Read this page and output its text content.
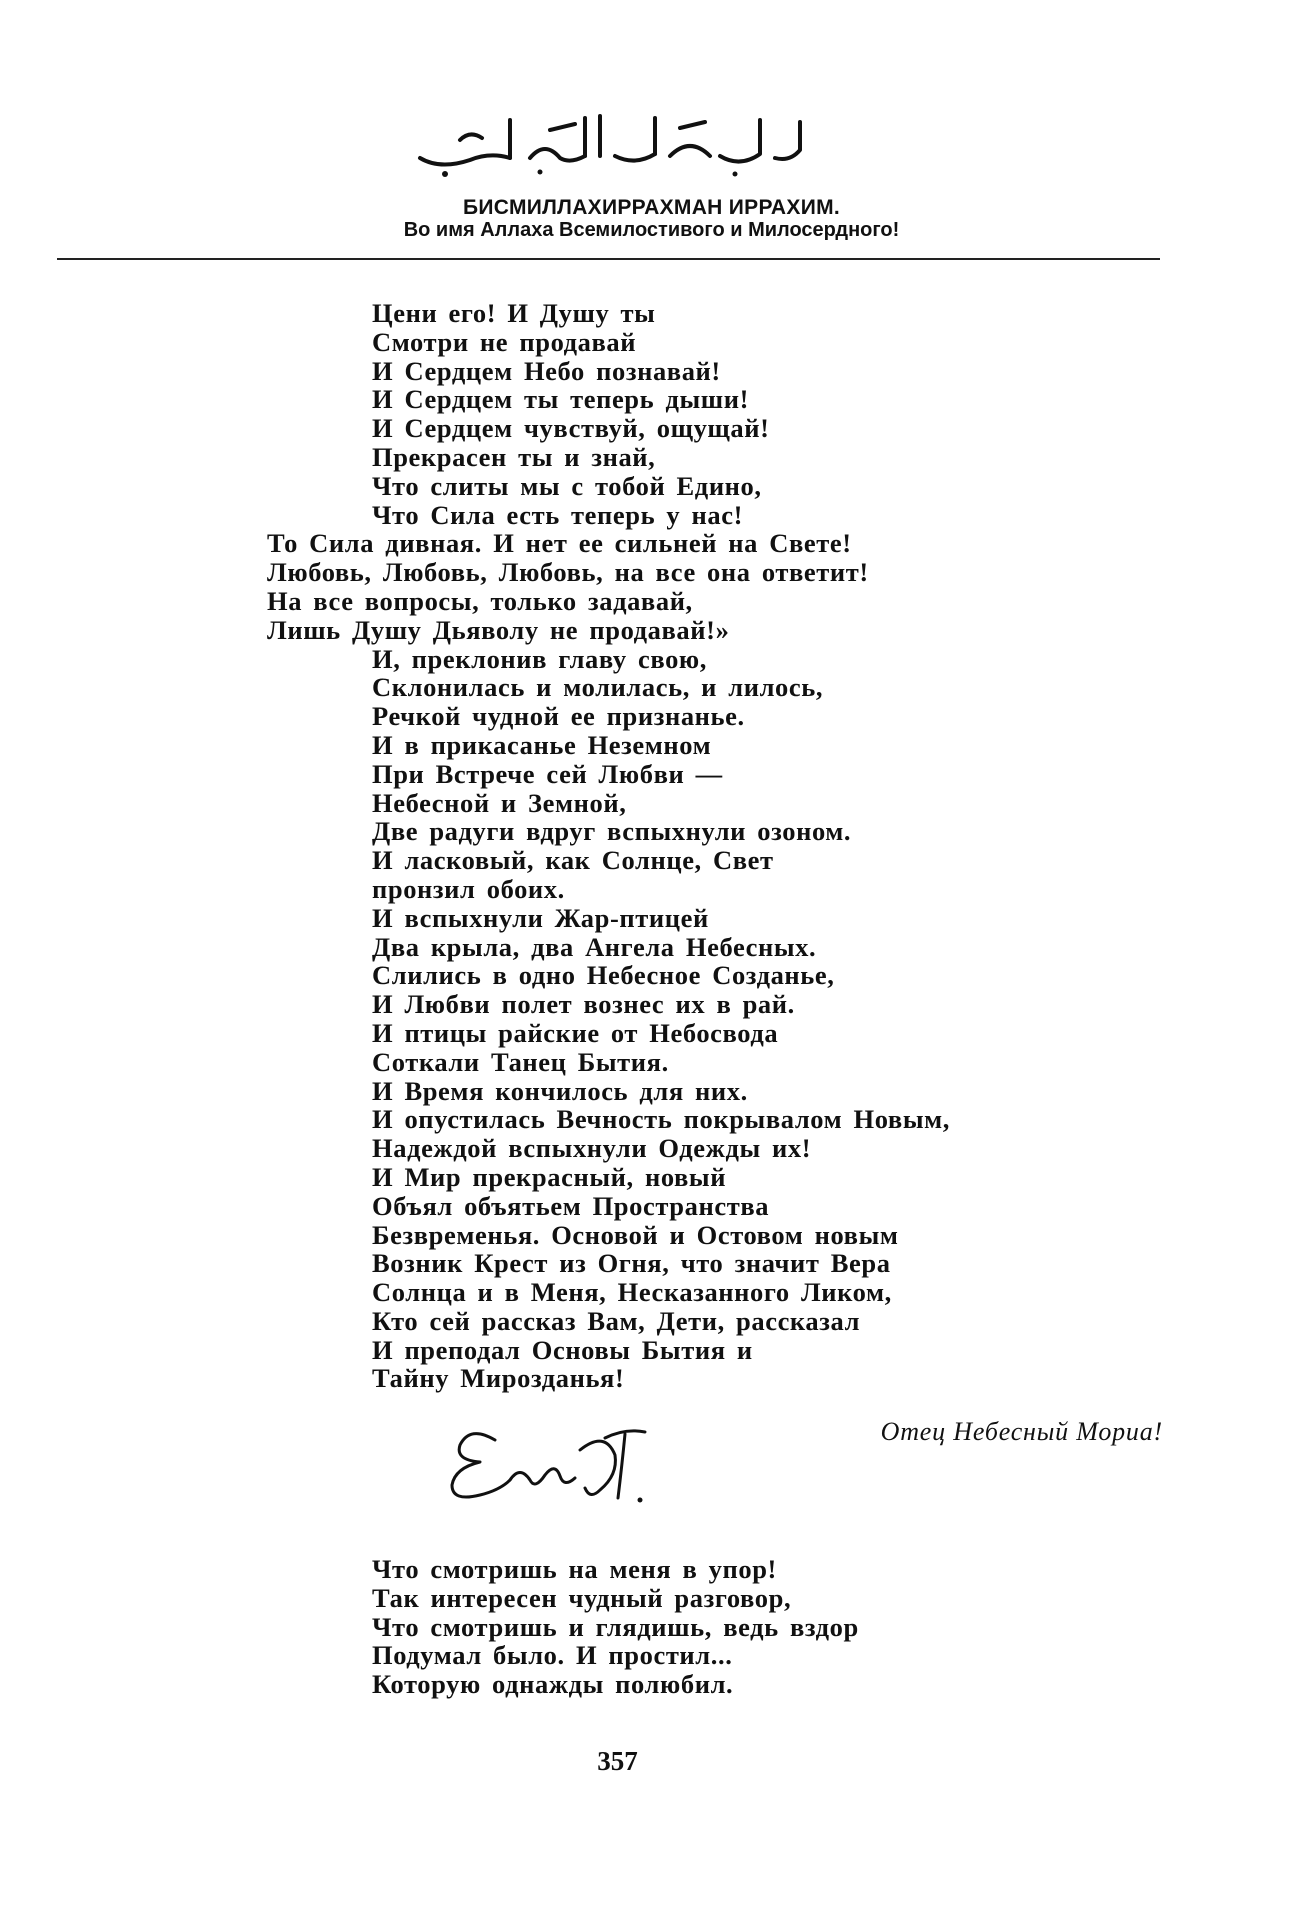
БИСМИЛЛАХИРРАХМАН ИРРАХИМ.
Во имя Аллаха Всемилостивого и Милосердного!
Цени его! И Душу ты
Смотри не продавай
И Сердцем Небо познавай!
И Сердцем ты теперь дыши!
И Сердцем чувствуй, ощущай!
Прекрасен ты и знай,
Что слиты мы с тобой Едино,
Что Сила есть теперь у нас!
То Сила дивная. И нет ее сильней на Свете!
Любовь, Любовь, Любовь, на все она ответит!
На все вопросы, только задавай,
Лишь Душу Дьяволу не продавай!»
И, преклонив главу свою,
Склонилась и молилась, и лилось,
Речкой чудной ее признанье.
И в прикасанье Неземном
При Встрече сей Любви —
Небесной и Земной,
Две радуги вдруг вспыхнули озоном.
И ласковый, как Солнце, Свет
пронзил обоих.
И вспыхнули Жар-птицей
Два крыла, два Ангела Небесных.
Слились в одно Небесное Созданье,
И Любви полет вознес их в рай.
И птицы райские от Небосвода
Соткали Танец Бытия.
И Время кончилось для них.
И опустилась Вечность покрывалом Новым,
Надеждой вспыхнули Одежды их!
И Мир прекрасный, новый
Объял объятьем Пространства
Безвременья. Основой и Остовом новым
Возник Крест из Огня, что значит Вера
Солнца и в Меня, Несказанного Ликом,
Кто сей рассказ Вам, Дети, рассказал
И преподал Основы Бытия и
Тайну Мирозданья!
Отец Небесный Мориа!
Что смотришь на меня в упор!
Так интересен чудный разговор,
Что смотришь и глядишь, ведь вздор
Подумал было. И простил...
Которую однажды полюбил.
357
